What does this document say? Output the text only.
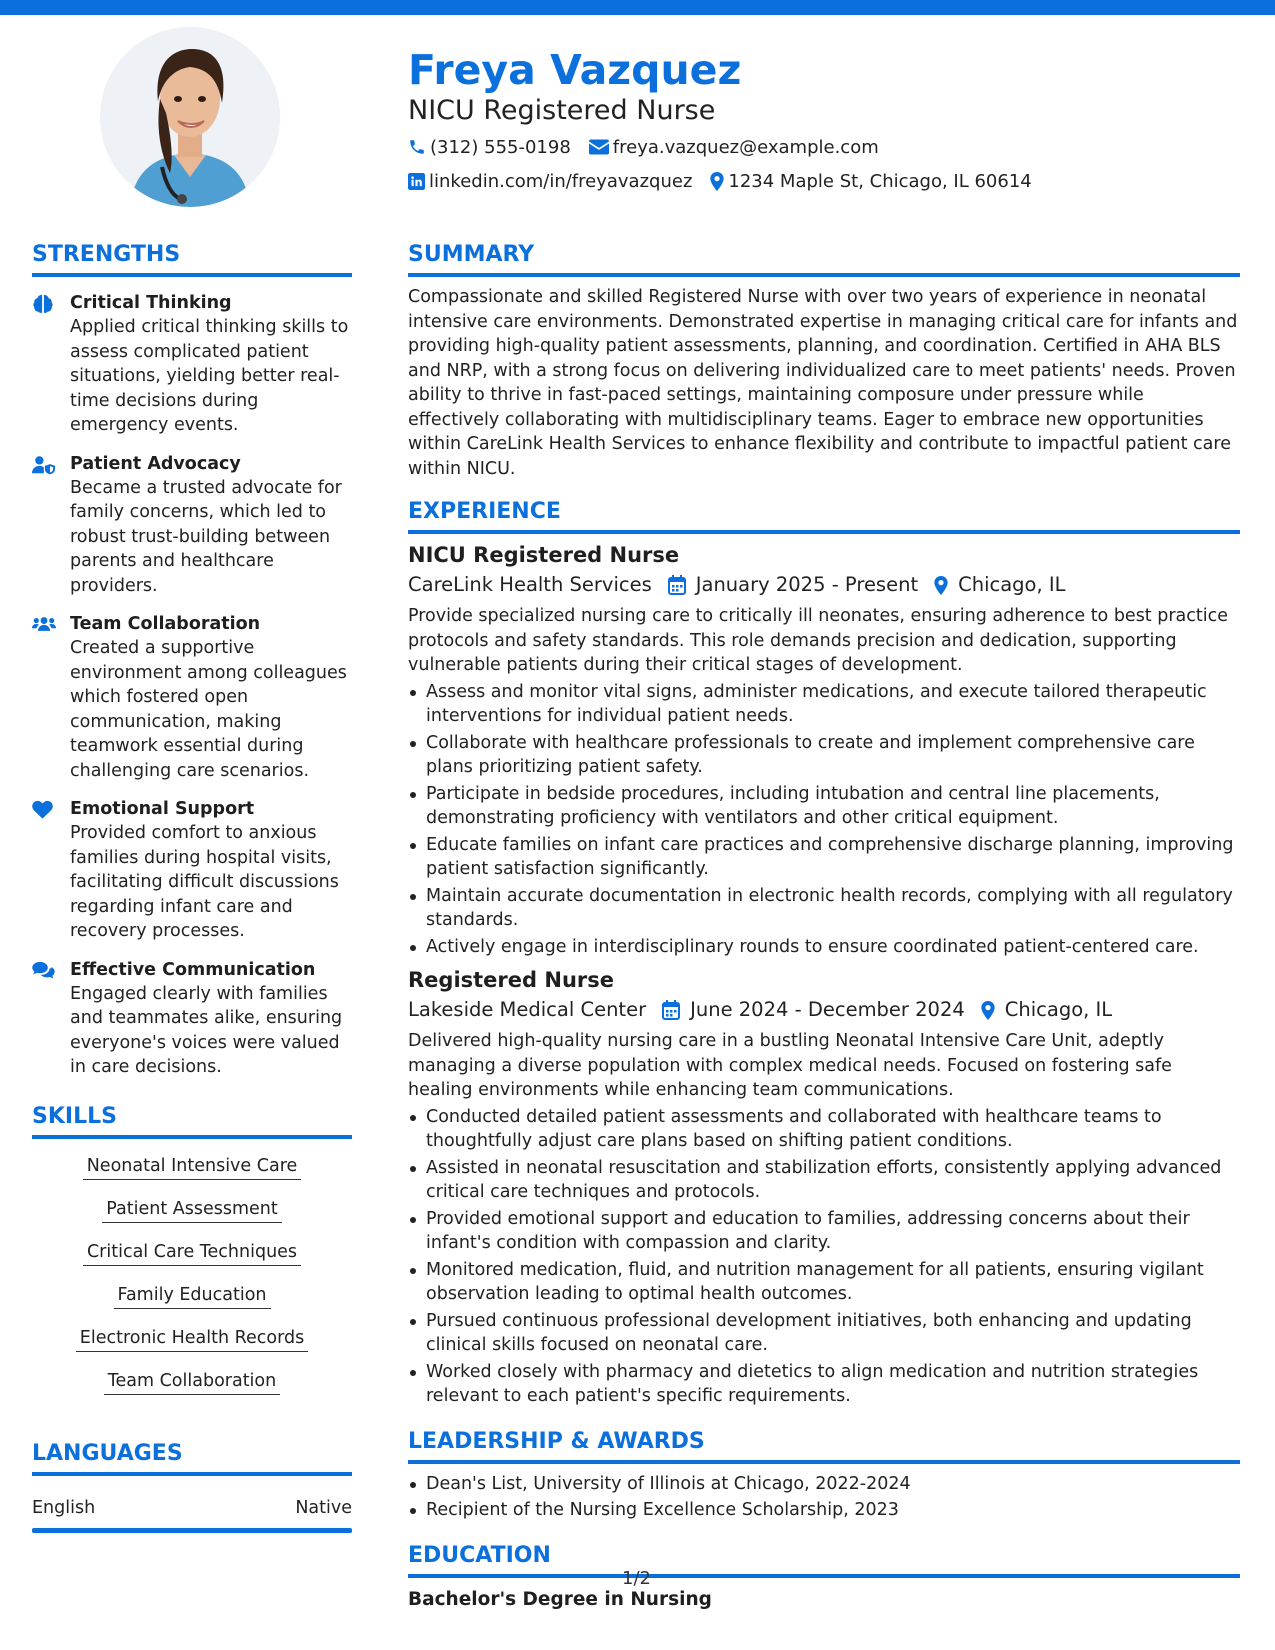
Freya Vazquez
NICU Registered Nurse
(312) 555-0198 freya.vazquez@example.com
linkedin.com/in/freyavazquez 1234 Maple St, Chicago, IL 60614
STRENGTHS
Critical Thinking
Applied critical thinking skills to assess complicated patient situations, yielding better real-time decisions during emergency events.
Patient Advocacy
Became a trusted advocate for family concerns, which led to robust trust-building between parents and healthcare providers.
Team Collaboration
Created a supportive environment among colleagues which fostered open communication, making teamwork essential during challenging care scenarios.
Emotional Support
Provided comfort to anxious families during hospital visits, facilitating difficult discussions regarding infant care and recovery processes.
Effective Communication
Engaged clearly with families and teammates alike, ensuring everyone's voices were valued in care decisions.
SKILLS
Neonatal Intensive Care
Patient Assessment
Critical Care Techniques
Family Education
Electronic Health Records
Team Collaboration
LANGUAGES
English	Native
SUMMARY
Compassionate and skilled Registered Nurse with over two years of experience in neonatal intensive care environments. Demonstrated expertise in managing critical care for infants and providing high-quality patient assessments, planning, and coordination. Certified in AHA BLS and NRP, with a strong focus on delivering individualized care to meet patients' needs. Proven ability to thrive in fast-paced settings, maintaining composure under pressure while effectively collaborating with multidisciplinary teams. Eager to embrace new opportunities within CareLink Health Services to enhance flexibility and contribute to impactful patient care within NICU.
EXPERIENCE
NICU Registered Nurse
CareLink Health Services January 2025 - Present Chicago, IL
Provide specialized nursing care to critically ill neonates, ensuring adherence to best practice protocols and safety standards. This role demands precision and dedication, supporting vulnerable patients during their critical stages of development.
Assess and monitor vital signs, administer medications, and execute tailored therapeutic interventions for individual patient needs.
Collaborate with healthcare professionals to create and implement comprehensive care plans prioritizing patient safety.
Participate in bedside procedures, including intubation and central line placements, demonstrating proficiency with ventilators and other critical equipment.
Educate families on infant care practices and comprehensive discharge planning, improving patient satisfaction significantly.
Maintain accurate documentation in electronic health records, complying with all regulatory standards.
Actively engage in interdisciplinary rounds to ensure coordinated patient-centered care.
Registered Nurse
Lakeside Medical Center June 2024 - December 2024 Chicago, IL
Delivered high-quality nursing care in a bustling Neonatal Intensive Care Unit, adeptly managing a diverse population with complex medical needs. Focused on fostering safe healing environments while enhancing team communications.
Conducted detailed patient assessments and collaborated with healthcare teams to thoughtfully adjust care plans based on shifting patient conditions.
Assisted in neonatal resuscitation and stabilization efforts, consistently applying advanced critical care techniques and protocols.
Provided emotional support and education to families, addressing concerns about their infant's condition with compassion and clarity.
Monitored medication, fluid, and nutrition management for all patients, ensuring vigilant observation leading to optimal health outcomes.
Pursued continuous professional development initiatives, both enhancing and updating clinical skills focused on neonatal care.
Worked closely with pharmacy and dietetics to align medication and nutrition strategies relevant to each patient's specific requirements.
LEADERSHIP & AWARDS
Dean's List, University of Illinois at Chicago, 2022-2024
Recipient of the Nursing Excellence Scholarship, 2023
EDUCATION
Bachelor's Degree in Nursing
1/2
